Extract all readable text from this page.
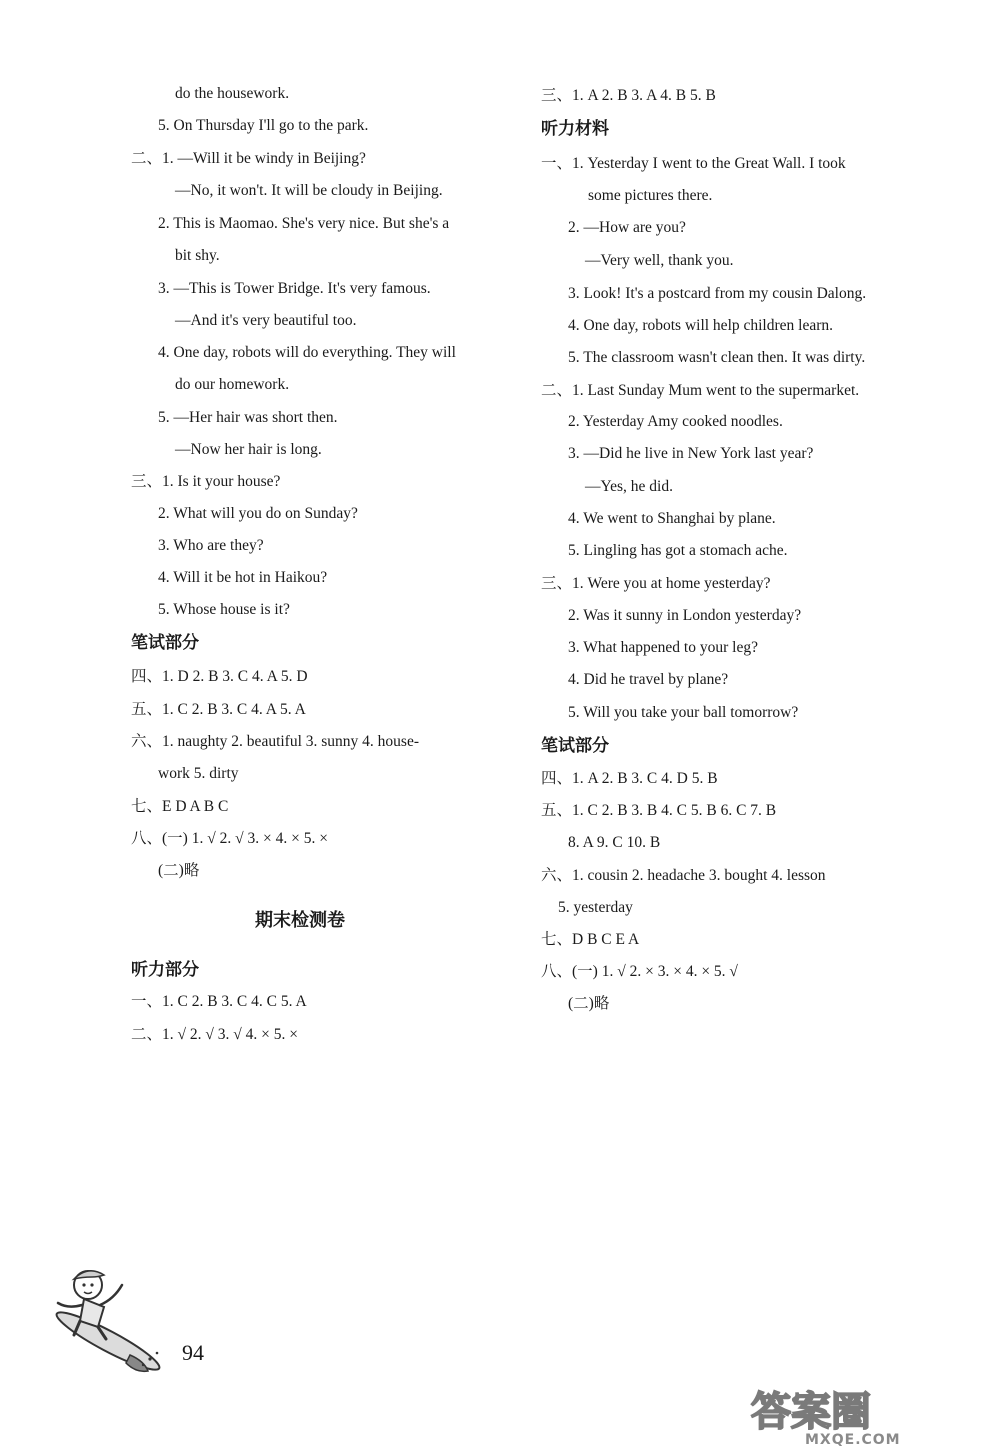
do the housework.
5. On Thursday I'll go to the park.
二、1. —Will it be windy in Beijing?
—No, it won't. It will be cloudy in Beijing.
2. This is Maomao. She's very nice. But she's a
bit shy.
3. —This is Tower Bridge. It's very famous.
—And it's very beautiful too.
4. One day, robots will do everything. They will
do our homework.
5. —Her hair was short then.
—Now her hair is long.
三、1. Is it your house?
2. What will you do on Sunday?
3. Who are they?
4. Will it be hot in Haikou?
5. Whose house is it?
笔试部分
四、1. D 2. B 3. C 4. A 5. D
五、1. C 2. B 3. C 4. A 5. A
六、1. naughty 2. beautiful 3. sunny 4. house-
work 5. dirty
七、E D A B C
八、(一) 1. √ 2. √ 3. × 4. × 5. ×
(二)略
期末检测卷
听力部分
一、1. C 2. B 3. C 4. C 5. A
二、1. √ 2. √ 3. √ 4. × 5. ×
三、1. A 2. B 3. A 4. B 5. B
听力材料
一、1. Yesterday I went to the Great Wall. I took
some pictures there.
2. —How are you?
—Very well, thank you.
3. Look! It's a postcard from my cousin Dalong.
4. One day, robots will help children learn.
5. The classroom wasn't clean then. It was dirty.
二、1. Last Sunday Mum went to the supermarket.
2. Yesterday Amy cooked noodles.
3. —Did he live in New York last year?
—Yes, he did.
4. We went to Shanghai by plane.
5. Lingling has got a stomach ache.
三、1. Were you at home yesterday?
2. Was it sunny in London yesterday?
3. What happened to your leg?
4. Did he travel by plane?
5. Will you take your ball tomorrow?
笔试部分
四、1. A 2. B 3. C 4. D 5. B
五、1. C 2. B 3. B 4. C 5. B 6. C 7. B
8. A 9. C 10. B
六、1. cousin 2. headache 3. bought 4. lesson
5. yesterday
七、D B C E A
八、(一) 1. √ 2. × 3. × 4. × 5. √
(二)略
94
答案圈
MXQE.COM
